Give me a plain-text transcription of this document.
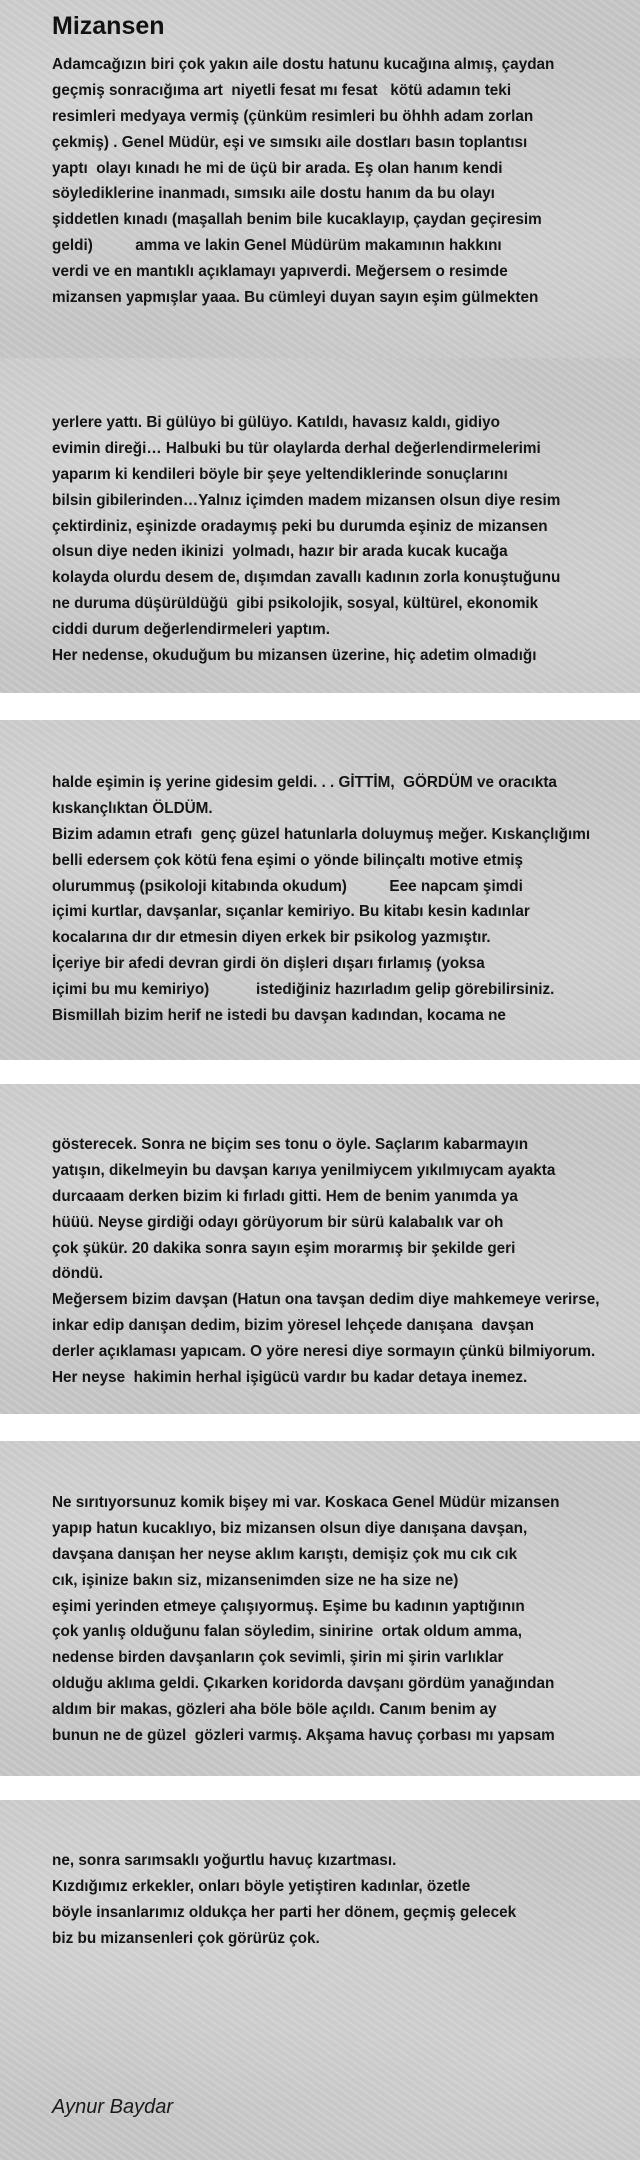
Mizansen
Adamcağızın biri çok yakın aile dostu hatunu kucağına almış, çaydan
geçmiş sonracığıma art  niyetli fesat mı fesat   kötü adamın teki
resimleri medyaya vermiş (çünküm resimleri bu öhhh adam zorlan
çekmiş) . Genel Müdür, eşi ve sımsıkı aile dostları basın toplantısı
yaptı  olayı kınadı he mi de üçü bir arada. Eş olan hanım kendi
söylediklerine inanmadı, sımsıkı aile dostu hanım da bu olayı
şiddetlen kınadı (maşallah benim bile kucaklayıp, çaydan geçiresim
geldi)          amma ve lakin Genel Müdürüm makamının hakkını
verdi ve en mantıklı açıklamayı yapıverdi. Meğersem o resimde
mizansen yapmışlar yaaa. Bu cümleyi duyan sayın eşim gülmekten
yerlere yattı. Bi gülüyo bi gülüyo. Katıldı, havasız kaldı, gidiyo
evimin direği… Halbuki bu tür olaylarda derhal değerlendirmelerimi
yaparım ki kendileri böyle bir şeye yeltendiklerinde sonuçlarını
bilsin gibilerinden…Yalnız içimden madem mizansen olsun diye resim
çektirdiniz, eşinizde oradaymış peki bu durumda eşiniz de mizansen
olsun diye neden ikinizi  yolmadı, hazır bir arada kucak kucağa
kolayda olurdu desem de, dışımdan zavallı kadının zorla konuştuğunu
ne duruma düşürüldüğü  gibi psikolojik, sosyal, kültürel, ekonomik
ciddi durum değerlendirmeleri yaptım.
Her nedense, okuduğum bu mizansen üzerine, hiç adetim olmadığı
halde eşimin iş yerine gidesim geldi. . . GİTTİM,  GÖRDÜM ve oracıkta
kıskançlıktan ÖLDÜM.
Bizim adamın etrafı  genç güzel hatunlarla doluymuş meğer. Kıskançlığımı
belli edersem çok kötü fena eşimi o yönde bilinçaltı motive etmiş
olurummuş (psikoloji kitabında okudum)          Eee napcam şimdi
içimi kurtlar, davşanlar, sıçanlar kemiriyo. Bu kitabı kesin kadınlar
kocalarına dır dır etmesin diyen erkek bir psikolog yazmıştır.
İçeriye bir afedi devran girdi ön dişleri dışarı fırlamış (yoksa
içimi bu mu kemiriyo)           istediğiniz hazırladım gelip görebilirsiniz.
Bismillah bizim herif ne istedi bu davşan kadından, kocama ne
gösterecek. Sonra ne biçim ses tonu o öyle. Saçlarım kabarmayın
yatışın, dikelmeyin bu davşan karıya yenilmiycem yıkılmıycam ayakta
durcaaam derken bizim ki fırladı gitti. Hem de benim yanımda ya
hüüü. Neyse girdiği odayı görüyorum bir sürü kalabalık var oh
çok şükür. 20 dakika sonra sayın eşim morarmış bir şekilde geri
döndü.
Meğersem bizim davşan (Hatun ona tavşan dedim diye mahkemeye verirse,
inkar edip danışan dedim, bizim yöresel lehçede danışana  davşan
derler açıklaması yapıcam. O yöre neresi diye sormayın çünkü bilmiyorum.
Her neyse  hakimin herhal işigücü vardır bu kadar detaya inemez.
Ne sırıtıyorsunuz komik bişey mi var. Koskaca Genel Müdür mizansen
yapıp hatun kucaklıyo, biz mizansen olsun diye danışana davşan,
davşana danışan her neyse aklım karıştı, demişiz çok mu cık cık
cık, işinize bakın siz, mizansenimden size ne ha size ne)
eşimi yerinden etmeye çalışıyormuş. Eşime bu kadının yaptığının
çok yanlış olduğunu falan söyledim, sinirine  ortak oldum amma,
nedense birden davşanların çok sevimli, şirin mi şirin varlıklar
olduğu aklıma geldi. Çıkarken koridorda davşanı gördüm yanağından
aldım bir makas, gözleri aha böle böle açıldı. Canım benim ay
bunun ne de güzel  gözleri varmış. Akşama havuç çorbası mı yapsam
ne, sonra sarımsaklı yoğurtlu havuç kızartması.
Kızdığımız erkekler, onları böyle yetiştiren kadınlar, özetle
böyle insanlarımız oldukça her parti her dönem, geçmiş gelecek
biz bu mizansenleri çok görürüz çok.
Aynur Baydar
